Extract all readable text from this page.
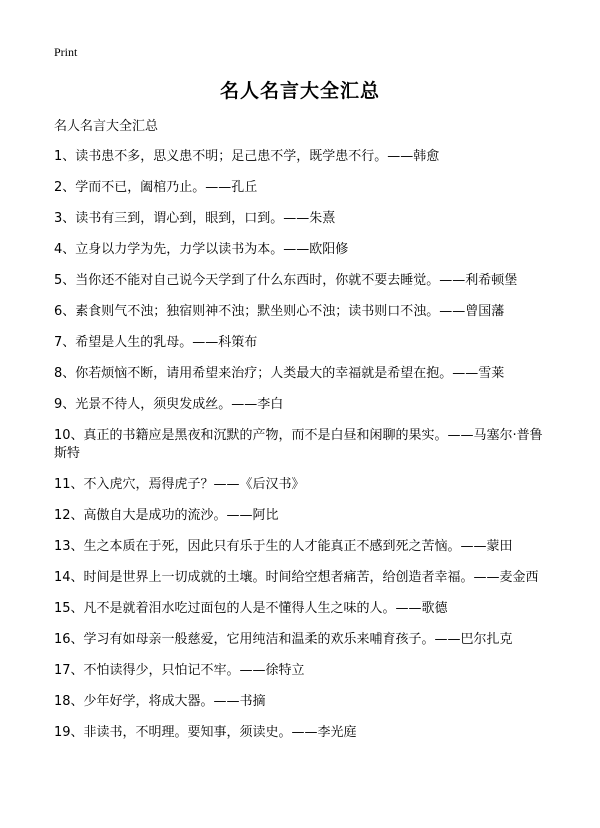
Print
名人名言大全汇总
名人名言大全汇总
1、读书患不多，思义患不明；足己患不学，既学患不行。——韩愈
2、学而不已，阖棺乃止。——孔丘
3、读书有三到，谓心到，眼到，口到。——朱熹
4、立身以力学为先，力学以读书为本。——欧阳修
5、当你还不能对自己说今天学到了什么东西时，你就不要去睡觉。——利希顿堡
6、素食则气不浊；独宿则神不浊；默坐则心不浊；读书则口不浊。——曾国藩
7、希望是人生的乳母。——科策布
8、你若烦恼不断，请用希望来治疗；人类最大的幸福就是希望在抱。——雪莱
9、光景不待人，须臾发成丝。——李白
10、真正的书籍应是黑夜和沉默的产物，而不是白昼和闲聊的果实。——马塞尔·普鲁斯特
11、不入虎穴，焉得虎子？——《后汉书》
12、高傲自大是成功的流沙。——阿比
13、生之本质在于死，因此只有乐于生的人才能真正不感到死之苦恼。——蒙田
14、时间是世界上一切成就的土壤。时间给空想者痛苦，给创造者幸福。——麦金西
15、凡不是就着泪水吃过面包的人是不懂得人生之味的人。——歌德
16、学习有如母亲一般慈爱，它用纯洁和温柔的欢乐来哺育孩子。——巴尔扎克
17、不怕读得少，只怕记不牢。——徐特立
18、少年好学，将成大器。——书摘
19、非读书，不明理。要知事，须读史。——李光庭
